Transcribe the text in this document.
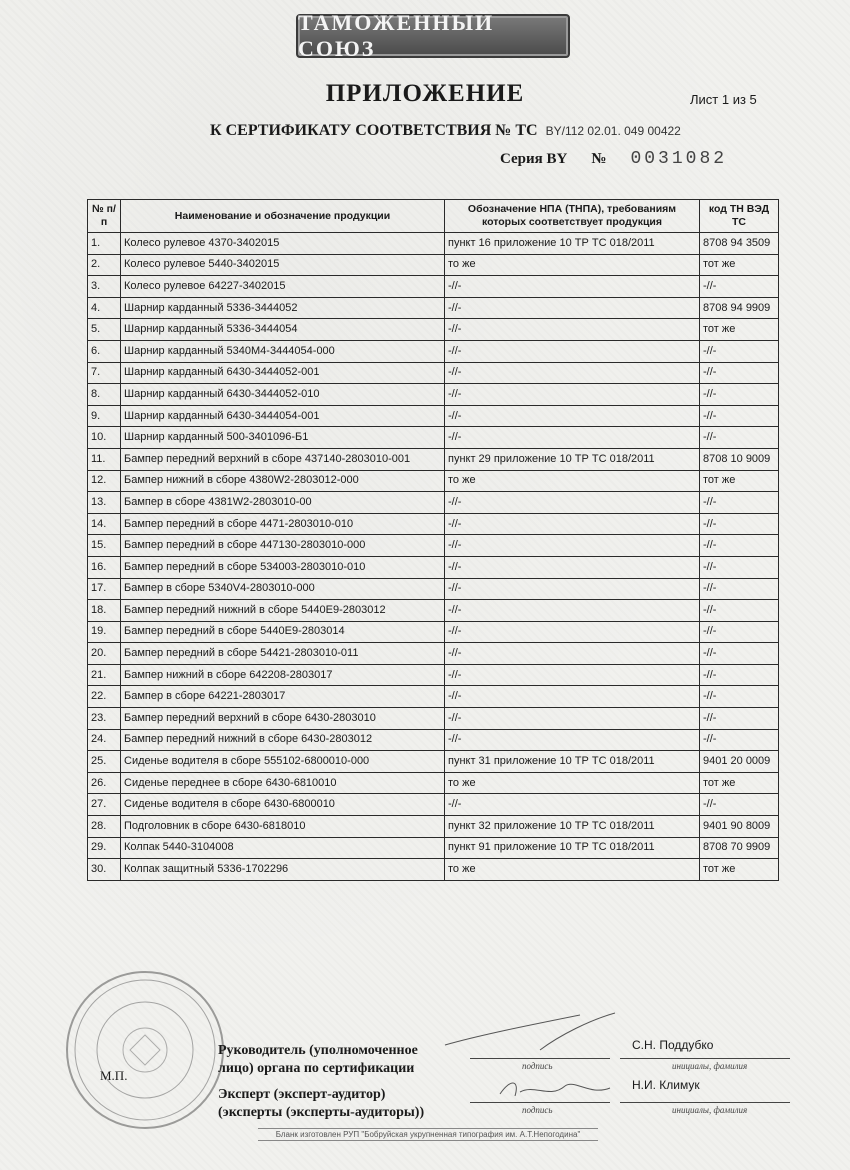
ТАМОЖЕННЫЙ СОЮЗ
ПРИЛОЖЕНИЕ	Лист 1 из 5
К СЕРТИФИКАТУ СООТВЕТСТВИЯ № ТС BY/112 02.01. 049 00422
Серия BY № 0031082
№ п/п	Наименование и обозначение продукции	Обозначение НПА (ТНПА), требованиям которых соответствует продукция	код ТН ВЭД ТС
1.	Колесо рулевое 4370-3402015	пункт 16 приложение 10 ТР ТС 018/2011	8708 94 3509
2.	Колесо рулевое 5440-3402015	то же	тот же
3.	Колесо рулевое 64227-3402015	-//-	-//-
4.	Шарнир карданный 5336-3444052	-//-	8708 94 9909
5.	Шарнир карданный 5336-3444054	-//-	тот же
6.	Шарнир карданный 5340М4-3444054-000	-//-	-//-
7.	Шарнир карданный 6430-3444052-001	-//-	-//-
8.	Шарнир карданный 6430-3444052-010	-//-	-//-
9.	Шарнир карданный 6430-3444054-001	-//-	-//-
10.	Шарнир карданный 500-3401096-Б1	-//-	-//-
11.	Бампер передний верхний в сборе 437140-2803010-001	пункт 29 приложение 10 ТР ТС 018/2011	8708 10 9009
12.	Бампер нижний в сборе 4380W2-2803012-000	то же	тот же
13.	Бампер в сборе 4381W2-2803010-00	-//-	-//-
14.	Бампер передний в сборе 4471-2803010-010	-//-	-//-
15.	Бампер передний в сборе 447130-2803010-000	-//-	-//-
16.	Бампер передний в сборе 534003-2803010-010	-//-	-//-
17.	Бампер в сборе 5340V4-2803010-000	-//-	-//-
18.	Бампер передний нижний в сборе 5440E9-2803012	-//-	-//-
19.	Бампер передний в сборе 5440E9-2803014	-//-	-//-
20.	Бампер передний в сборе 54421-2803010-011	-//-	-//-
21.	Бампер нижний в сборе 642208-2803017	-//-	-//-
22.	Бампер в сборе 64221-2803017	-//-	-//-
23.	Бампер передний верхний в сборе 6430-2803010	-//-	-//-
24.	Бампер передний нижний в сборе 6430-2803012	-//-	-//-
25.	Сиденье водителя в сборе 555102-6800010-000	пункт 31 приложение 10 ТР ТС 018/2011	9401 20 0009
26.	Сиденье переднее в сборе 6430-6810010	то же	тот же
27.	Сиденье водителя в сборе 6430-6800010	-//-	-//-
28.	Подголовник в сборе 6430-6818010	пункт 32 приложение 10 ТР ТС 018/2011	9401 90 8009
29.	Колпак 5440-3104008	пункт 91 приложение 10 ТР ТС 018/2011	8708 70 9909
30.	Колпак защитный 5336-1702296	то же	тот же
М.П.
Руководитель (уполномоченное
лицо) органа по сертификации	подпись
С.Н. Поддубко
инициалы, фамилия
Эксперт (эксперт-аудитор)
(эксперты (эксперты-аудиторы))	подпись
Н.И. Климук
инициалы, фамилия
Бланк изготовлен РУП "Бобруйская укрупненная типография им. А.Т.Непогодина"
